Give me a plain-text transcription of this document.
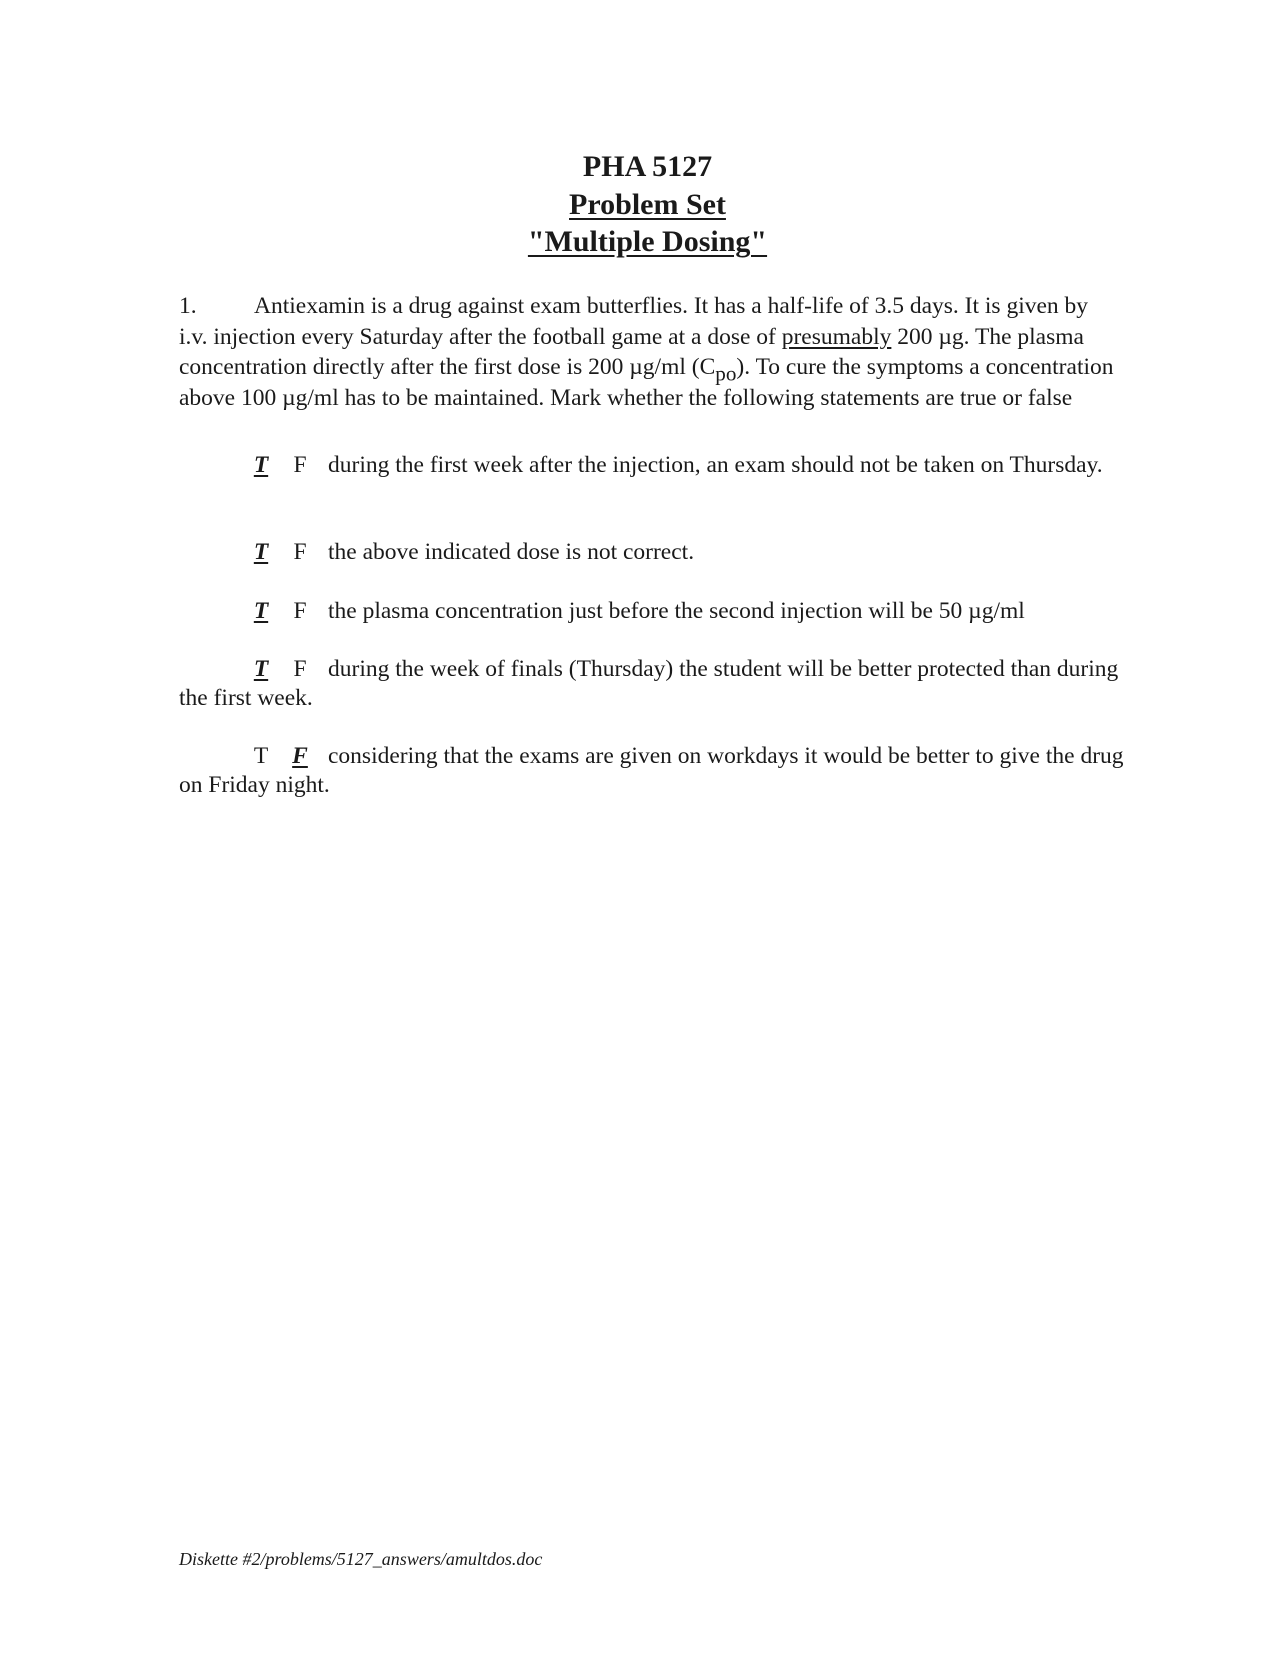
PHA 5127
Problem Set
"Multiple Dosing"
1. Antiexamin is a drug against exam butterflies. It has a half-life of 3.5 days. It is given by i.v. injection every Saturday after the football game at a dose of presumably 200 µg. The plasma concentration directly after the first dose is 200 µg/ml (Cpo). To cure the symptoms a concentration above 100 µg/ml has to be maintained. Mark whether the following statements are true or false
T F during the first week after the injection, an exam should not be taken on Thursday.
T F the above indicated dose is not correct.
T F the plasma concentration just before the second injection will be 50 µg/ml
T F during the week of finals (Thursday) the student will be better protected than during the first week.
T F considering that the exams are given on workdays it would be better to give the drug on Friday night.
Diskette #2/problems/5127_answers/amultdos.doc
